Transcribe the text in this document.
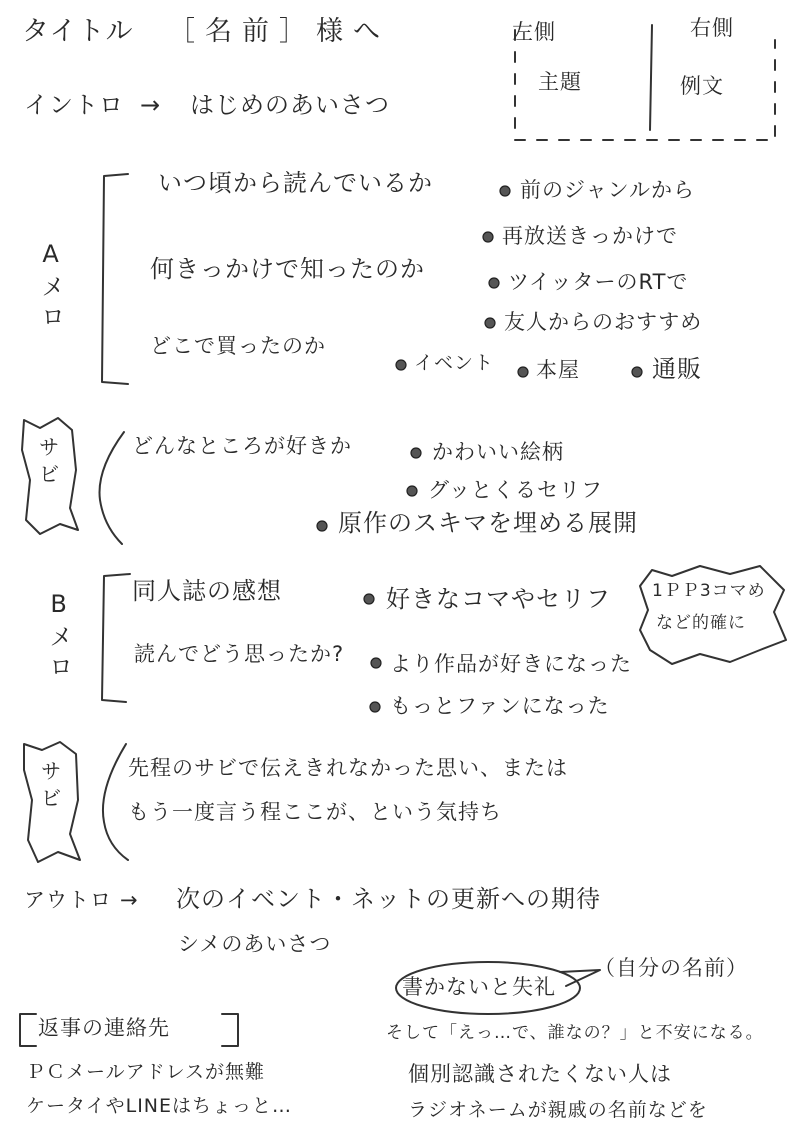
タイトル ［名前］様へ	左側
主題
右側
例文
イントロ → はじめのあいさつ
Aメロ
いつ頃から読んでいるか
何きっかけで知ったのか
どこで買ったのか
前のジャンルから
再放送きっかけで
ツイッターのRTで
友人からのおすすめ
イベント 本屋	通販
サビ	どんなところが好きか	かわいい絵柄
グッとくるセリフ
原作のスキマを埋める展開
Bメロ 同人誌の感想
読んでどう思ったか?
好きなコマやセリフ
より作品が好きになった
もっとファンになった
1ＰＰ3コマめ
など的確に
サビ	先程のサビで伝えきれなかった思い、または
もう一度言う程ここが、という気持ち
アウトロ → 次のイベント・ネットの更新への期待
シメのあいさつ
書かないと失礼
（自分の名前）
そして「えっ…で、誰なの？」と不安になる。
個別認識されたくない人は
ラジオネームが親戚の名前などを
返事の連絡先
ＰＣメールアドレスが無難
ケータイやLINEはちょっと…
